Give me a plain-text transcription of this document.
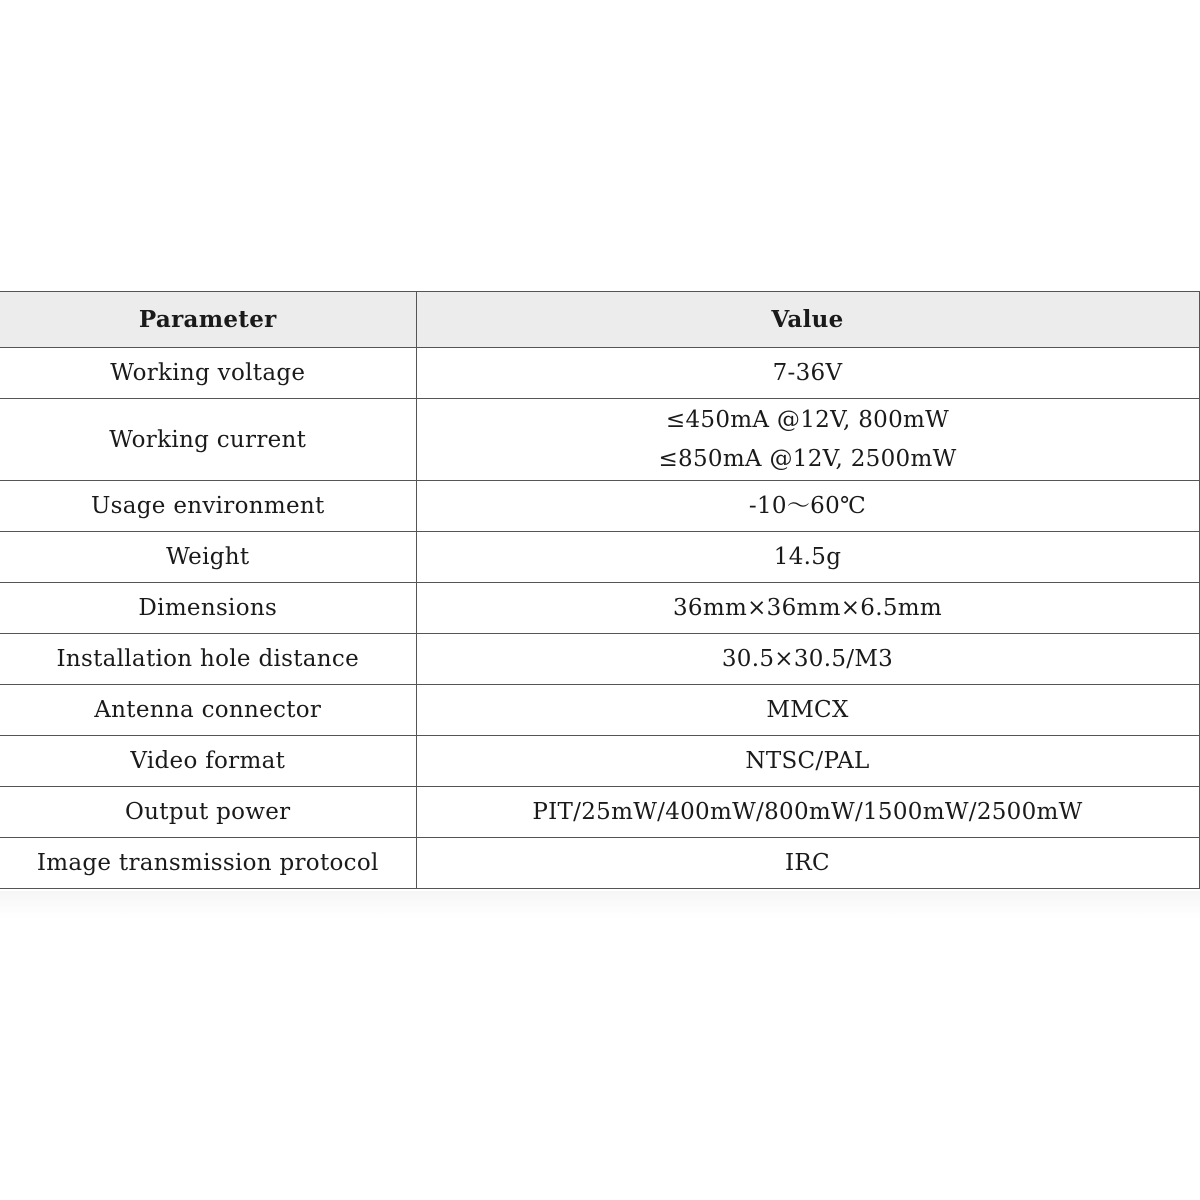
Parameter	Value
Working voltage	7-36V

Working current	≤450mA @12V, 800mW
≤850mA @12V, 2500mW

Usage environment	-10～60℃

Weight	14.5g

Dimensions	36mm×36mm×6.5mm

Installation hole distance	30.5×30.5/M3

Antenna connector	MMCX

Video format	NTSC/PAL

Output power	PIT/25mW/400mW/800mW/1500mW/2500mW

Image transmission protocol	IRC
